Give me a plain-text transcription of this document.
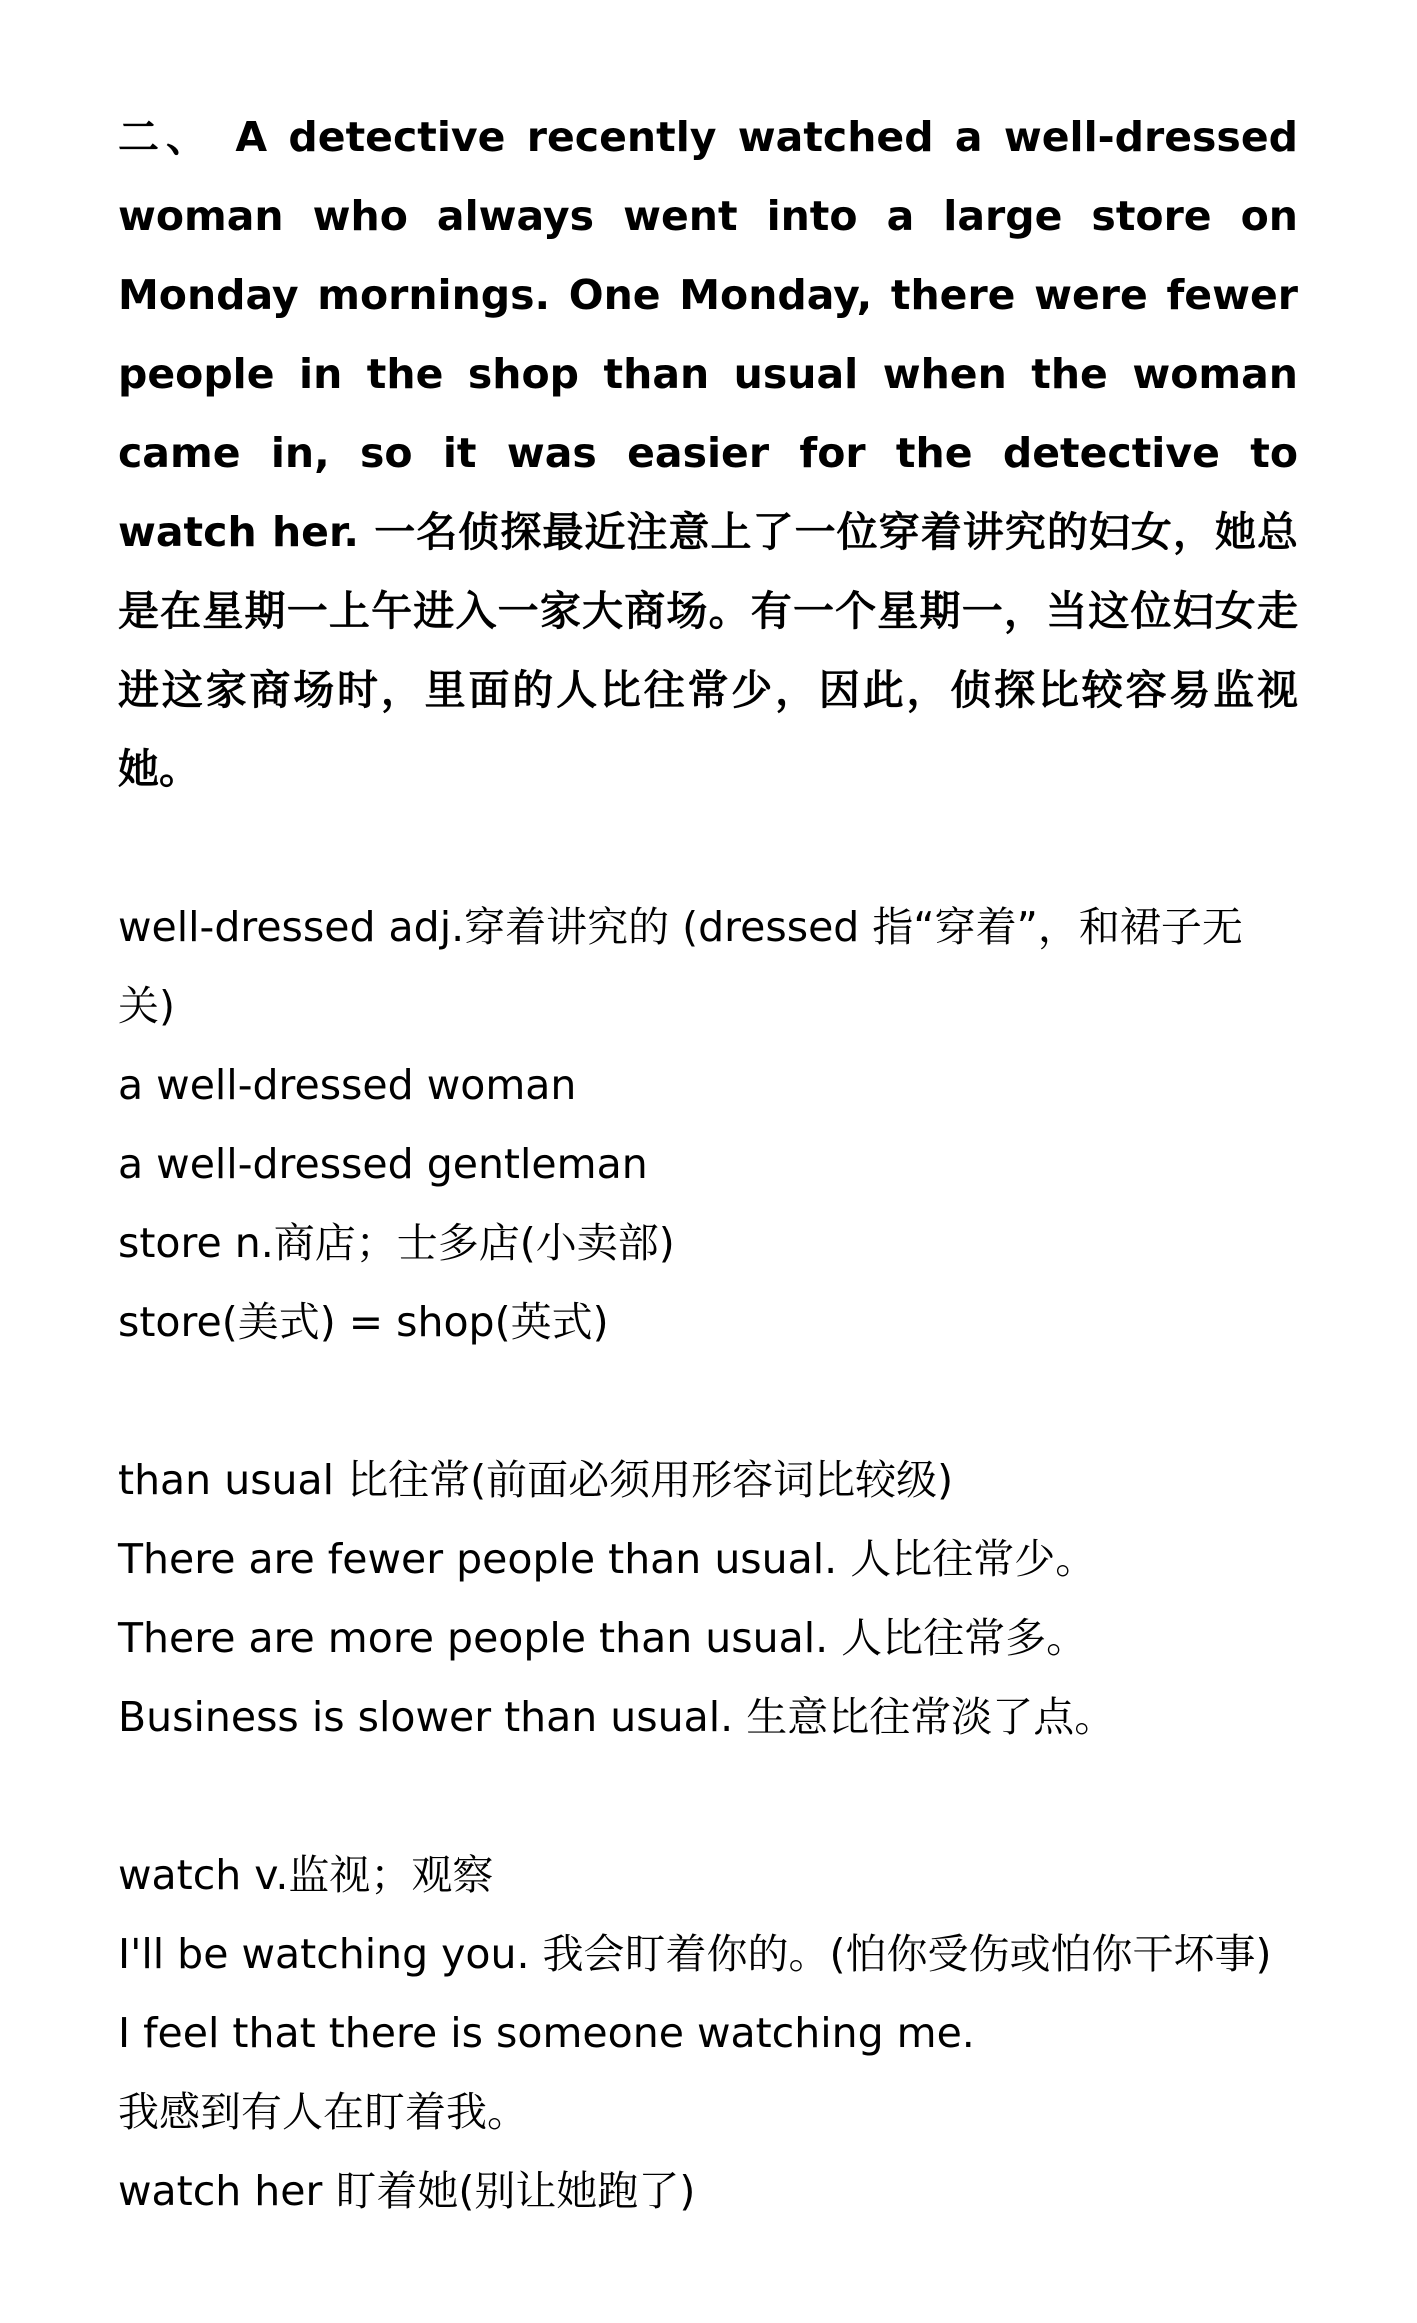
二、 A detective recently watched a well-dressed woman who always went into a large store on Monday mornings. One Monday, there were fewer people in the shop than usual when the woman came in, so it was easier for the detective to watch her. 一名侦探最近注意上了一位穿着讲究的妇女，她总是在星期一上午进入一家大商场。有一个星期一，当这位妇女走进这家商场时，里面的人比往常少，因此，侦探比较容易监视她。

well-dressed adj.穿着讲究的 (dressed 指“穿着”，和裙子无关)

a well-dressed woman

a well-dressed gentleman

store n.商店；士多店(小卖部)

store(美式) = shop(英式)

than usual 比往常(前面必须用形容词比较级)

There are fewer people than usual. 人比往常少。

There are more people than usual. 人比往常多。

Business is slower than usual. 生意比往常淡了点。

watch v.监视；观察

I'll be watching you. 我会盯着你的。(怕你受伤或怕你干坏事)

I feel that there is someone watching me.

我感到有人在盯着我。

watch her 盯着她(别让她跑了)
